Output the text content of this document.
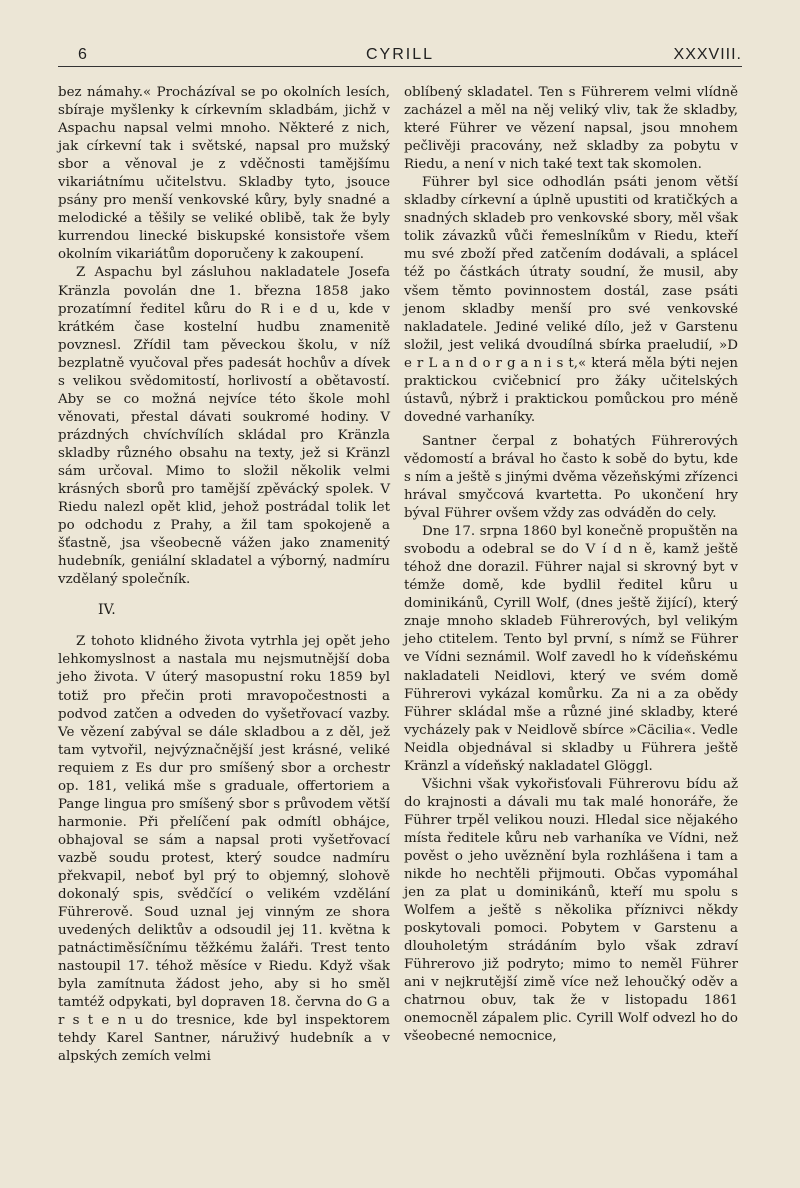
6	CYRILL	XXXVIII.

bez námahy.« Procházíval se po okolních lesích, sbíraje myšlenky k církevním skladbám, jichž v Aspachu napsal velmi mnoho. Některé z nich, jak církevní tak i světské, napsal pro mužský sbor a věnoval je z vděčnosti tamějšímu vikariátnímu učitelstvu. Skladby tyto, jsouce psány pro menší venkovské kůry, byly snadné a melodické a těšily se veliké oblibě, tak že byly kurrendou linecké biskupské konsistoře všem okolním vikariátům doporučeny k zakoupení.

Z Aspachu byl zásluhou nakladatele Josefa Kränzla povolán dne 1. března 1858 jako prozatímní ředitel kůru do R i e d u, kde v krátkém čase kostelní hudbu znamenitě povznesl. Zřídil tam pěveckou školu, v níž bezplatně vyučoval přes padesát hochův a dívek s velikou svědomitostí, horlivostí a obětavostí. Aby se co možná nejvíce této škole mohl věnovati, přestal dávati soukromé hodiny. V prázdných chvíchvílích skládal pro Kränzla skladby různého obsahu na texty, jež si Kränzl sám určoval. Mimo to složil několik velmi krásných sborů pro tamější zpěvácký spolek. V Riedu nalezl opět klid, jehož postrádal tolik let po odchodu z Prahy, a žil tam spokojeně a šťastně, jsa všeobecně vážen jako znamenitý hudebník, geniální skladatel a výborný, nadmíru vzdělaný společník.

IV.

Z tohoto klidného života vytrhla jej opět jeho lehkomyslnost a nastala mu nejsmutnější doba jeho života. V úterý masopustní roku 1859 byl totiž pro přečin proti mravopočestnosti a podvod zatčen a odveden do vyšetřovací vazby. Ve vězení zabýval se dále skladbou a z děl, jež tam vytvořil, nejvýznačnější jest krásné, veliké requiem z Es dur pro smíšený sbor a orchestr op. 181, veliká mše s graduale, offertoriem a Pange lingua pro smíšený sbor s průvodem větší harmonie. Při přelíčení pak odmítl obhájce, obhajoval se sám a napsal proti vyšetřovací vazbě soudu protest, který soudce nadmíru překvapil, neboť byl prý to objemný, slohově dokonalý spis, svědčící o velikém vzdělání Führerově. Soud uznal jej vinným ze shora uvedených deliktův a odsoudil jej 11. května k patnáctiměsíčnímu těžkému žaláři. Trest tento nastoupil 17. téhož měsíce v Riedu. Když však byla zamítnuta žádost jeho, aby si ho směl tamtéž odpykati, byl dopraven 18. června do G a r s t e n u do tresnice, kde byl inspektorem tehdy Karel Santner, náruživý hudebník a v alpských zemích velmi

oblíbený skladatel. Ten s Führerem velmi vlídně zacházel a měl na něj veliký vliv, tak že skladby, které Führer ve vězení napsal, jsou mnohem pečlivěji pracovány, než skladby za pobytu v Riedu, a není v nich také text tak skomolen.

Führer byl sice odhodlán psáti jenom větší skladby církevní a úplně upustiti od kratičkých a snadných skladeb pro venkovské sbory, měl však tolik závazků vůči řemeslníkům v Riedu, kteří mu své zboží před zatčením dodávali, a splácel též po částkách útraty soudní, že musil, aby všem těmto povinnostem dostál, zase psáti jenom skladby menší pro své venkovské nakladatele. Jediné veliké dílo, jež v Garstenu složil, jest veliká dvoudílná sbírka praeludií, »D e r L a n d o r g a n i s t,« která měla býti nejen praktickou cvičebnicí pro žáky učitelských ústavů, nýbrž i praktickou pomůckou pro méně dovedné varhaníky.

Santner čerpal z bohatých Führerových vědomostí a brával ho často k sobě do bytu, kde s ním a ještě s jinými dvěma vězeňskými zřízenci hrával smyčcová kvartetta. Po ukončení hry býval Führer ovšem vždy zas odváděn do cely.

Dne 17. srpna 1860 byl konečně propuštěn na svobodu a odebral se do V í d n ě, kamž ještě téhož dne dorazil. Führer najal si skrovný byt v témže domě, kde bydlil ředitel kůru u dominikánů, Cyrill Wolf, (dnes ještě žijící), který znaje mnoho skladeb Führerových, byl velikým jeho ctitelem. Tento byl první, s nímž se Führer ve Vídni seznámil. Wolf zavedl ho k vídeňskému nakladateli Neidlovi, který ve svém domě Führerovi vykázal komůrku. Za ni a za obědy Führer skládal mše a různé jiné skladby, které vycházely pak v Neidlově sbírce »Cäcilia«. Vedle Neidla objednával si skladby u Führera ještě Kränzl a vídeňský nakladatel Glöggl.

Všichni však vykořisťovali Führerovu bídu až do krajnosti a dávali mu tak malé honoráře, že Führer trpěl velikou nouzi. Hledal sice nějakého místa ředitele kůru neb varhaníka ve Vídni, než pověst o jeho uvěznění byla rozhlášena i tam a nikde ho nechtěli přijmouti. Občas vypomáhal jen za plat u dominikánů, kteří mu spolu s Wolfem a ještě s několika příznivci někdy poskytovali pomoci. Pobytem v Garstenu a dlouholetým strádáním bylo však zdraví Führerovo již podryto; mimo to neměl Führer ani v nejkrutější zimě více než lehoučký oděv a chatrnou obuv, tak že v listopadu 1861 onemocněl zápalem plic. Cyrill Wolf odvezl ho do všeobecné nemocnice,
